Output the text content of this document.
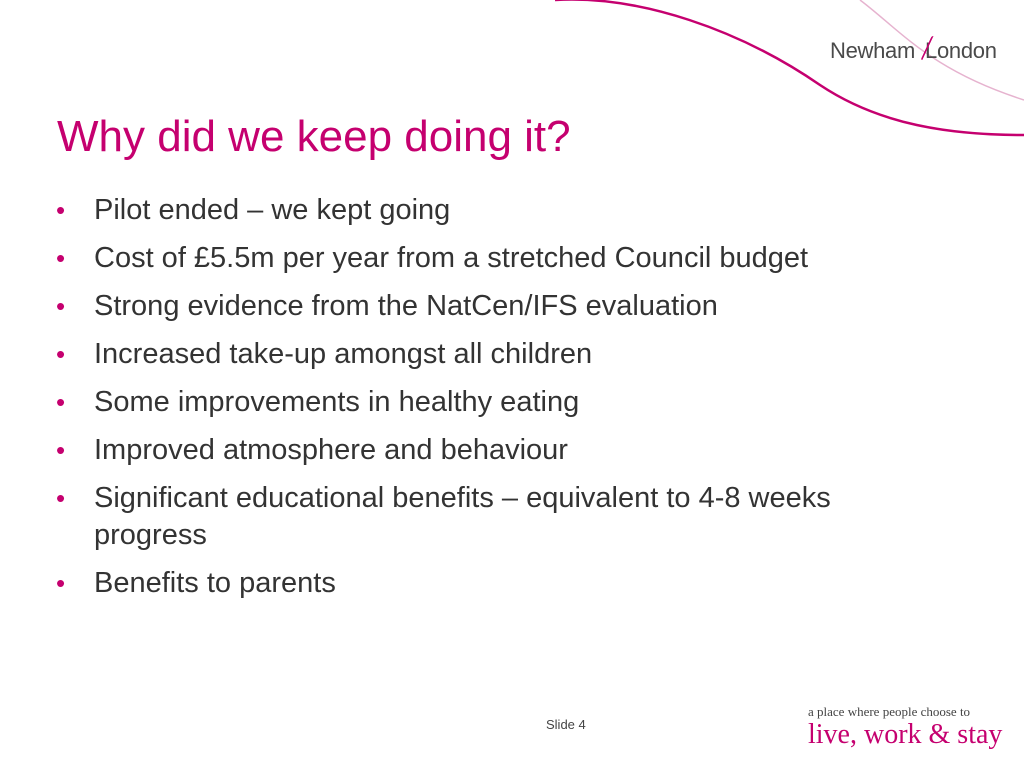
Newham London
Why did we keep doing it?
• Pilot ended – we kept going
• Cost of £5.5m per year from a stretched Council budget
• Strong evidence from the NatCen/IFS evaluation
• Increased take-up amongst all children
• Some improvements in healthy eating
• Improved atmosphere and behaviour
• Significant educational benefits – equivalent to 4-8 weeks progress
• Benefits to parents
Slide 4
a place where people choose to
live, work & stay
